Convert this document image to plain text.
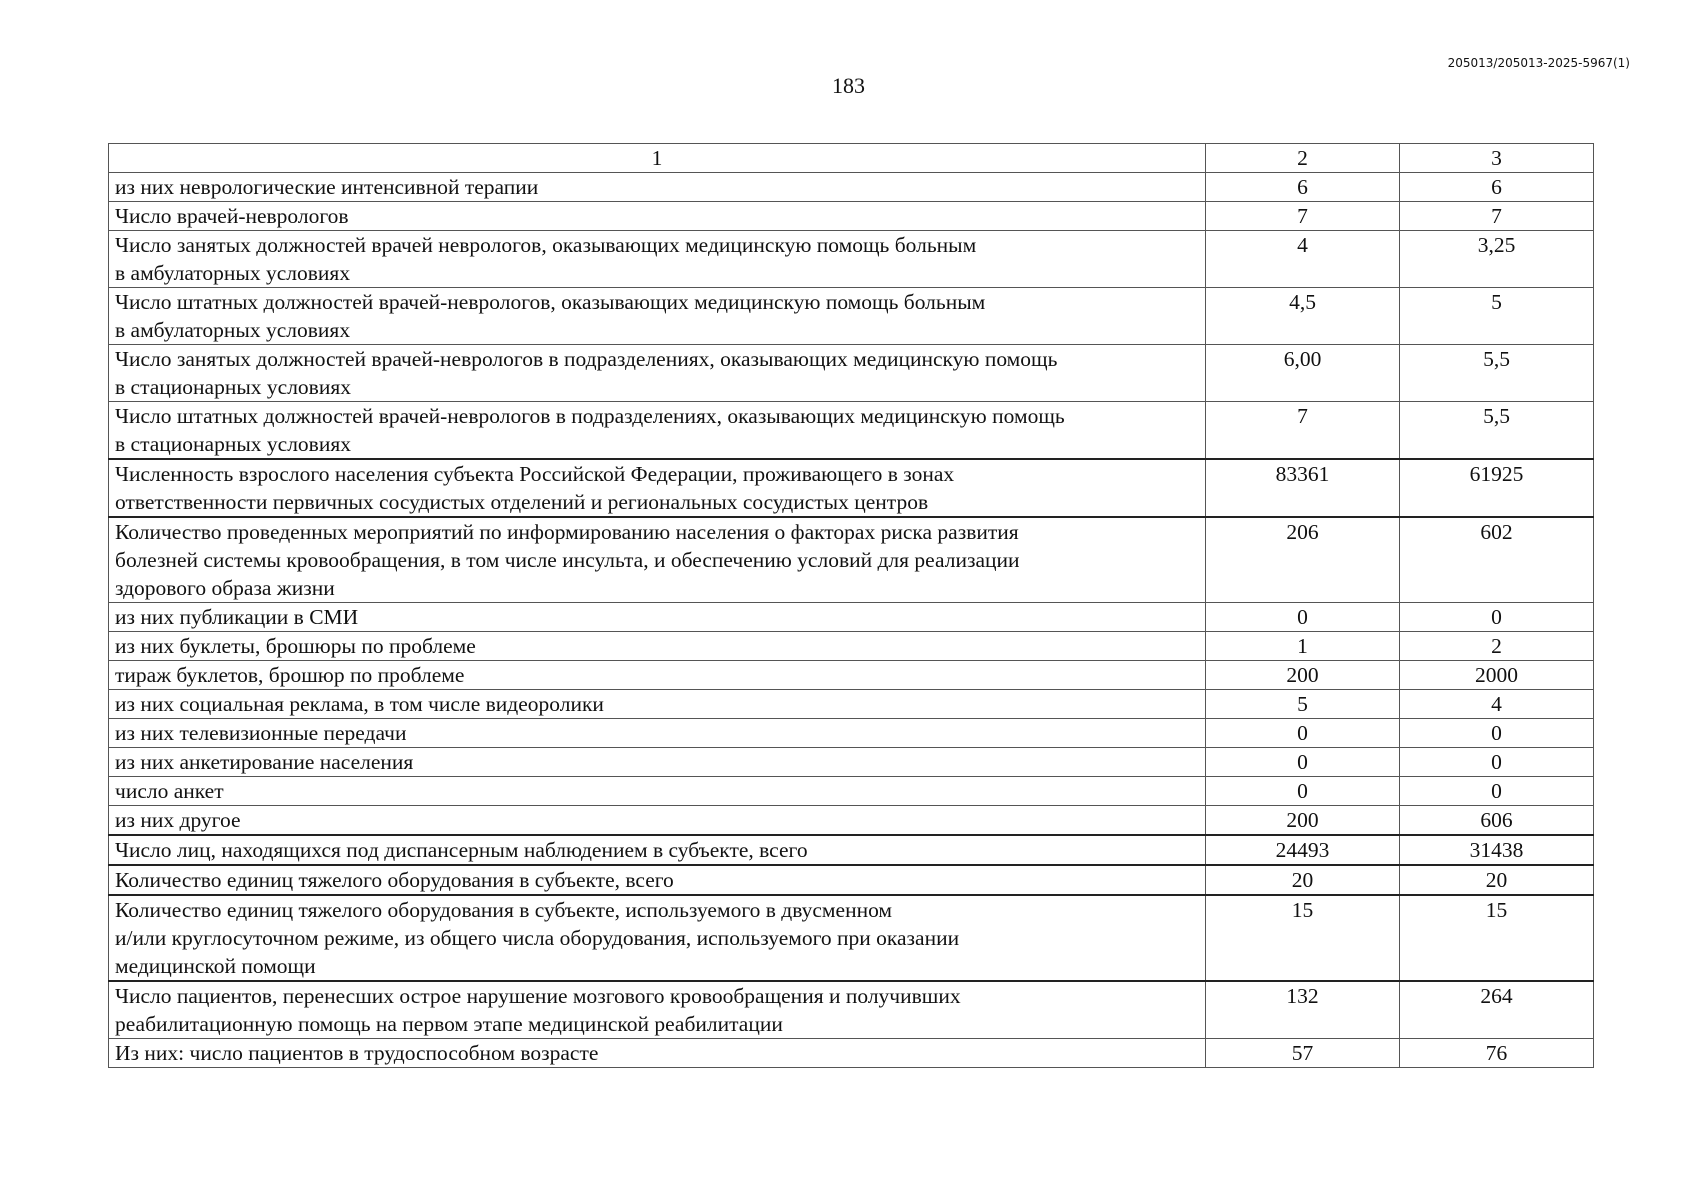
205013/205013-2025-5967(1)
183
1	2	3
из них неврологические интенсивной терапии	6	6
Число врачей-неврологов	7	7
Число занятых должностей врачей неврологов, оказывающих медицинскую помощь больным
в амбулаторных условиях	4	3,25
Число штатных должностей врачей-неврологов, оказывающих медицинскую помощь больным
в амбулаторных условиях	4,5	5
Число занятых должностей врачей-неврологов в подразделениях, оказывающих медицинскую помощь
в стационарных условиях	6,00	5,5
Число штатных должностей врачей-неврологов в подразделениях, оказывающих медицинскую помощь
в стационарных условиях	7	5,5
Численность взрослого населения субъекта Российской Федерации, проживающего в зонах
ответственности первичных сосудистых отделений и региональных сосудистых центров	83361	61925
Количество проведенных мероприятий по информированию населения о факторах риска развития
болезней системы кровообращения, в том числе инсульта, и обеспечению условий для реализации
здорового образа жизни	206	602
из них публикации в СМИ	0	0
из них буклеты, брошюры по проблеме	1	2
тираж буклетов, брошюр по проблеме	200	2000
из них социальная реклама, в том числе видеоролики	5	4
из них телевизионные передачи	0	0
из них анкетирование населения	0	0
число анкет	0	0
из них другое	200	606
Число лиц, находящихся под диспансерным наблюдением в субъекте, всего	24493	31438
Количество единиц тяжелого оборудования в субъекте, всего	20	20
Количество единиц тяжелого оборудования в субъекте, используемого в двусменном
и/или круглосуточном режиме, из общего числа оборудования, используемого при оказании
медицинской помощи	15	15
Число пациентов, перенесших острое нарушение мозгового кровообращения и получивших
реабилитационную помощь на первом этапе медицинской реабилитации	132	264
Из них: число пациентов в трудоспособном возрасте	57	76
